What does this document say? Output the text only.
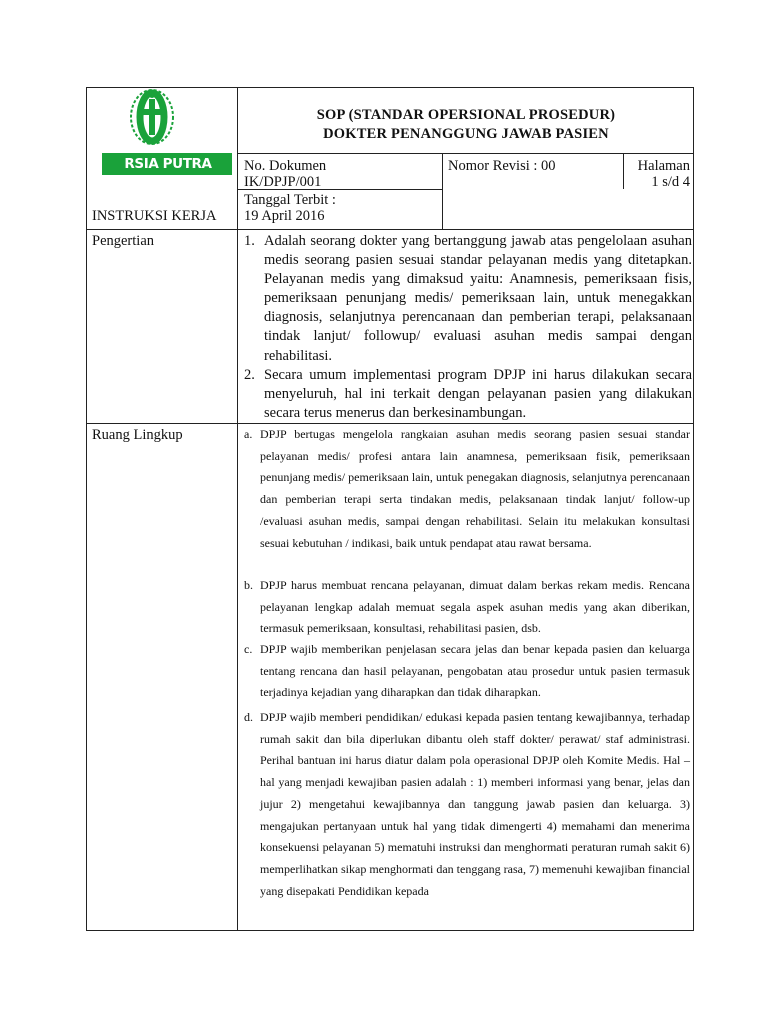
RSIA PUTRA DâLIMA
SOP (STANDAR OPERSIONAL PROSEDUR)
DOKTER PENANGGUNG JAWAB PASIEN
No. Dokumen
IK/DPJP/001
Nomor Revisi : 00	Halaman
1 s/d 4
INSTRUKSI KERJA
Tanggal Terbit :
19 April 2016
Pengertian	1. Adalah seorang dokter yang bertanggung jawab atas pengelolaan asuhan medis seorang pasien sesuai standar pelayanan medis yang ditetapkan. Pelayanan medis yang dimaksud yaitu: Anamnesis, pemeriksaan fisis, pemeriksaan penunjang medis/ pemeriksaan lain, untuk menegakkan diagnosis, selanjutnya perencanaan dan pemberian terapi, pelaksanaan tindak lanjut/ followup/ evaluasi asuhan medis sampai dengan rehabilitasi.
2. Secara umum implementasi program DPJP ini harus dilakukan secara menyeluruh, hal ini terkait dengan pelayanan pasien yang dilakukan secara terus menerus dan berkesinambungan.
Ruang Lingkup	a. DPJP bertugas mengelola rangkaian asuhan medis seorang pasien sesuai standar pelayanan medis/ profesi antara lain anamnesa, pemeriksaan fisik, pemeriksaan penunjang medis/ pemeriksaan lain, untuk penegakan diagnosis, selanjutnya perencanaan dan pemberian terapi serta tindakan medis, pelaksanaan tindak lanjut/ follow-up /evaluasi asuhan medis, sampai dengan rehabilitasi. Selain itu melakukan konsultasi sesuai kebutuhan / indikasi, baik untuk pendapat atau rawat bersama.
b. DPJP harus membuat rencana pelayanan, dimuat dalam berkas rekam medis. Rencana pelayanan lengkap adalah memuat segala aspek asuhan medis yang akan diberikan, termasuk pemeriksaan, konsultasi, rehabilitasi pasien, dsb.
c. DPJP wajib memberikan penjelasan secara jelas dan benar kepada pasien dan keluarga tentang rencana dan hasil pelayanan, pengobatan atau prosedur untuk pasien termasuk terjadinya kejadian yang diharapkan dan tidak diharapkan.
d. DPJP wajib memberi pendidikan/ edukasi kepada pasien tentang kewajibannya, terhadap rumah sakit dan bila diperlukan dibantu oleh staff dokter/ perawat/ staf administrasi. Perihal bantuan ini harus diatur dalam pola operasional DPJP oleh Komite Medis. Hal – hal yang menjadi kewajiban pasien adalah : 1) memberi informasi yang benar, jelas dan jujur 2) mengetahui kewajibannya dan tanggung jawab pasien dan keluarga. 3) mengajukan pertanyaan untuk hal yang tidak dimengerti 4) memahami dan menerima konsekuensi pelayanan 5) mematuhi instruksi dan menghormati peraturan rumah sakit 6) memperlihatkan sikap menghormati dan tenggang rasa, 7) memenuhi kewajiban financial yang disepakati Pendidikan kepada
